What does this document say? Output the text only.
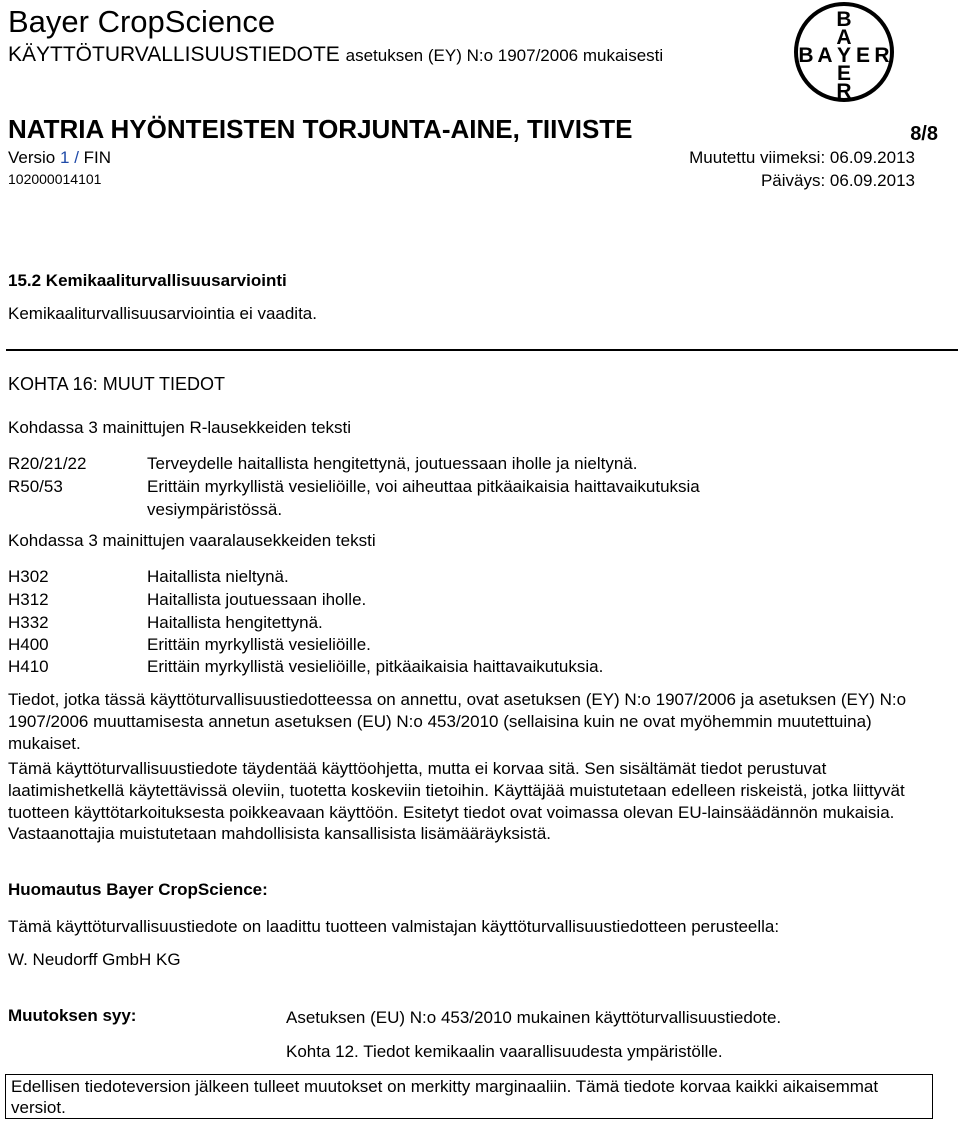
Bayer CropScience
KÄYTTÖTURVALLISUUSTIEDOTE asetuksen (EY) N:o 1907/2006 mukaisesti
B
A
B A Y E R
E
R
NATRIA HYÖNTEISTEN TORJUNTA-AINE, TIIVISTE	8/8
Versio 1 / FIN
102000014101
Muutettu viimeksi: 06.09.2013
Päiväys: 06.09.2013
15.2 Kemikaaliturvallisuusarviointi
Kemikaaliturvallisuusarviointia ei vaadita.
KOHTA 16: MUUT TIEDOT
Kohdassa 3 mainittujen R-lausekkeiden teksti
R20/21/22	Terveydelle haitallista hengitettynä, joutuessaan iholle ja nieltynä.
R50/53	Erittäin myrkyllistä vesieliöille, voi aiheuttaa pitkäaikaisia haittavaikutuksia
vesiympäristössä.
Kohdassa 3 mainittujen vaaralausekkeiden teksti
H302	Haitallista nieltynä.
H312	Haitallista joutuessaan iholle.
H332	Haitallista hengitettynä.
H400	Erittäin myrkyllistä vesieliöille.
H410	Erittäin myrkyllistä vesieliöille, pitkäaikaisia haittavaikutuksia.
Tiedot, jotka tässä käyttöturvallisuustiedotteessa on annettu, ovat asetuksen (EY) N:o 1907/2006 ja asetuksen (EY) N:o 1907/2006 muuttamisesta annetun asetuksen (EU) N:o 453/2010 (sellaisina kuin ne ovat myöhemmin muutettuina) mukaiset.
Tämä käyttöturvallisuustiedote täydentää käyttöohjetta, mutta ei korvaa sitä. Sen sisältämät tiedot perustuvat laatimishetkellä käytettävissä oleviin, tuotetta koskeviin tietoihin. Käyttäjää muistutetaan edelleen riskeistä, jotka liittyvät tuotteen käyttötarkoituksesta poikkeavaan käyttöön. Esitetyt tiedot ovat voimassa olevan EU-lainsäädännön mukaisia. Vastaanottajia muistutetaan mahdollisista kansallisista lisämääräyksistä.
Huomautus Bayer CropScience:
Tämä käyttöturvallisuustiedote on laadittu tuotteen valmistajan käyttöturvallisuustiedotteen perusteella:
W. Neudorff GmbH KG
Muutoksen syy:	Asetuksen (EU) N:o 453/2010 mukainen käyttöturvallisuustiedote.
Kohta 12. Tiedot kemikaalin vaarallisuudesta ympäristölle.
Edellisen tiedoteversion jälkeen tulleet muutokset on merkitty marginaaliin. Tämä tiedote korvaa kaikki aikaisemmat versiot.
